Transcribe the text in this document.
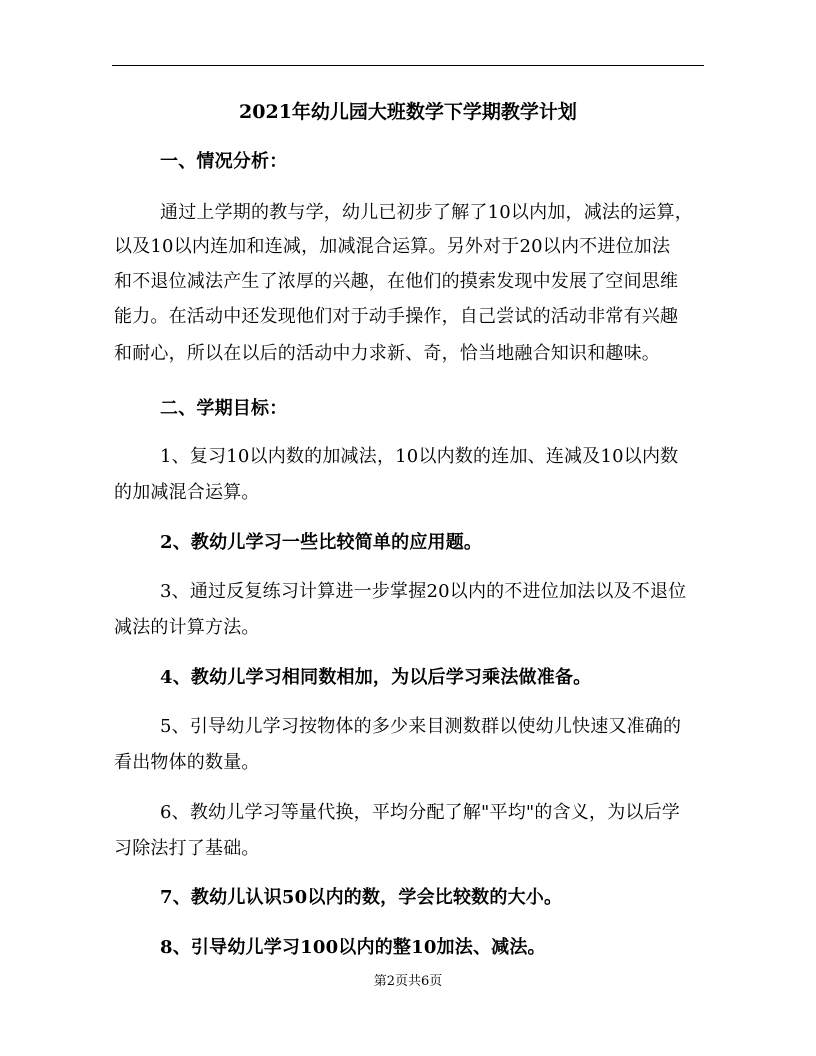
2021年幼儿园大班数学下学期教学计划
一、情况分析：
通过上学期的教与学，幼儿已初步了解了10以内加，减法的运算，
以及10以内连加和连减，加减混合运算。另外对于20以内不进位加法
和不退位减法产生了浓厚的兴趣，在他们的摸索发现中发展了空间思维
能力。在活动中还发现他们对于动手操作，自己尝试的活动非常有兴趣
和耐心，所以在以后的活动中力求新、奇，恰当地融合知识和趣味。
二、学期目标：
1、复习10以内数的加减法，10以内数的连加、连减及10以内数
的加减混合运算。
2、教幼儿学习一些比较简单的应用题。
3、通过反复练习计算进一步掌握20以内的不进位加法以及不退位
减法的计算方法。
4、教幼儿学习相同数相加，为以后学习乘法做准备。
5、引导幼儿学习按物体的多少来目测数群以使幼儿快速又准确的
看出物体的数量。
6、教幼儿学习等量代换，平均分配了解"平均"的含义，为以后学
习除法打了基础。
7、教幼儿认识50以内的数，学会比较数的大小。
8、引导幼儿学习100以内的整10加法、减法。
第2页共6页
